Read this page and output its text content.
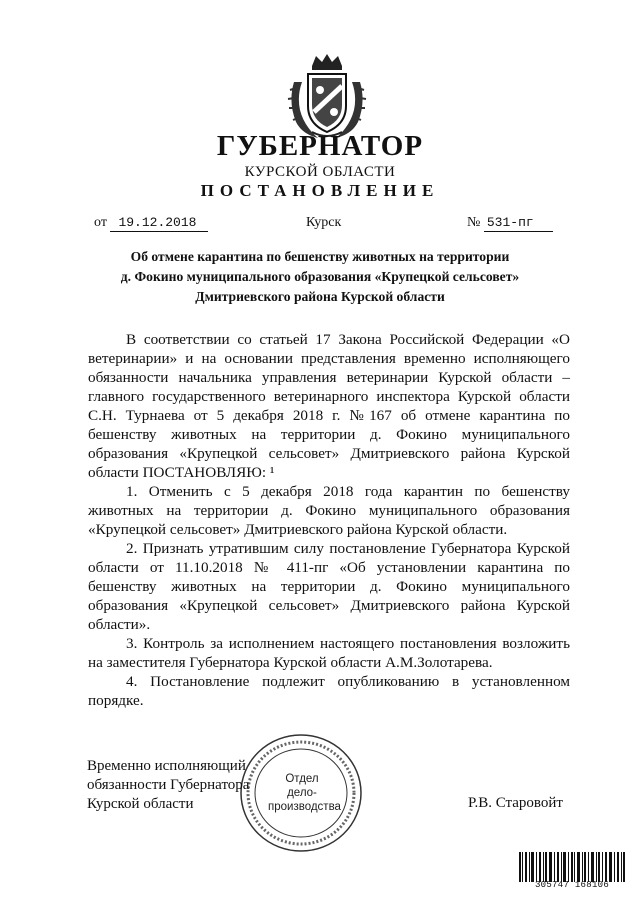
ГУБЕРНАТОР
КУРСКОЙ ОБЛАСТИ
ПОСТАНОВЛЕНИЕ
от 19.12.2018	Курск	№ 531-пг
Об отмене карантина по бешенству животных на территории
д. Фокино муниципального образования «Крупецкой сельсовет»
Дмитриевского района Курской области

В соответствии со статьей 17 Закона Российской Федерации «О ветеринарии» и на основании представления временно исполняющего обязанности начальника управления ветеринарии Курской области – главного государственного ветеринарного инспектора Курской области С.Н. Турнаева от 5 декабря 2018 г. №167 об отмене карантина по бешенству животных на территории д. Фокино муниципального образования «Крупецкой сельсовет» Дмитриевского района Курской области ПОСТАНОВЛЯЮ: ¹

1. Отменить с 5 декабря 2018 года карантин по бешенству животных на территории д. Фокино муниципального образования «Крупецкой сельсовет» Дмитриевского района Курской области.

2. Признать утратившим силу постановление Губернатора Курской области от 11.10.2018 № 411-пг «Об установлении карантина по бешенству животных на территории д. Фокино муниципального образования «Крупецкой сельсовет» Дмитриевского района Курской области».

3. Контроль за исполнением настоящего постановления возложить на заместителя Губернатора Курской области А.М.Золотарева.

4. Постановление подлежит опубликованию в установленном порядке.

Отдел
дело-
производства
Временно исполняющий
обязанности Губернатора
Курской области	Р.В. Старовойт
305747 168106
